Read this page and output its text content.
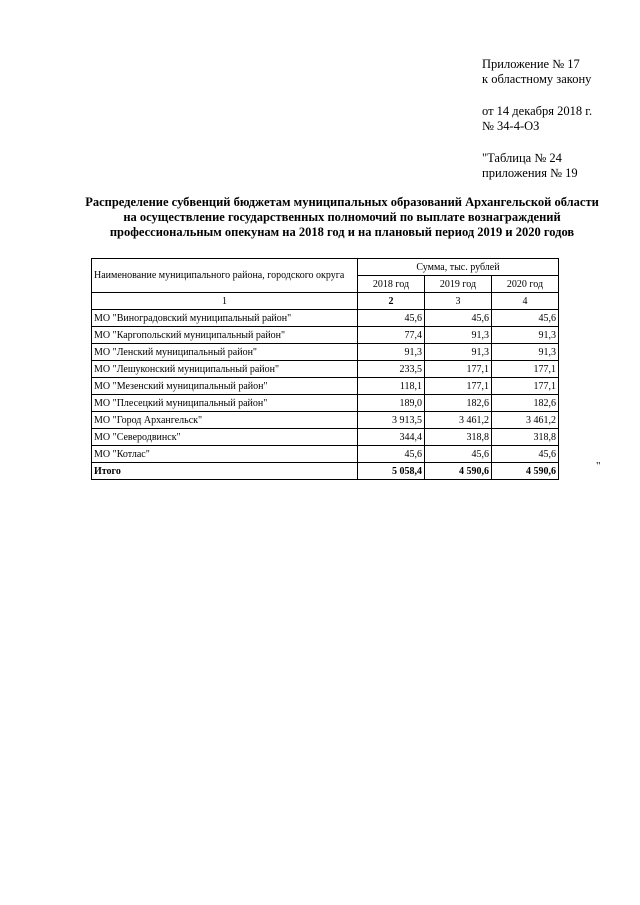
Приложение № 17
к областному закону
от 14 декабря 2018 г.
№ 34-4-ОЗ
"Таблица № 24
приложения № 19
Распределение субвенций бюджетам муниципальных образований Архангельской области на осуществление государственных полномочий по выплате вознаграждений профессиональным опекунам на 2018 год и на плановый период 2019 и 2020 годов
Наименование муниципального района, городского округа	Сумма, тыс. рублей		
	2018 год	2019 год	2020 год
1	2	3	4
МО "Виноградовский муниципальный район"	45,6	45,6	45,6
МО "Каргопольский муниципальный район"	77,4	91,3	91,3
МО "Ленский муниципальный район"	91,3	91,3	91,3
МО "Лешуконский муниципальный район"	233,5	177,1	177,1
МО "Мезенский муниципальный район"	118,1	177,1	177,1
МО "Плесецкий муниципальный район"	189,0	182,6	182,6
МО "Город Архангельск"	3 913,5	3 461,2	3 461,2
МО "Северодвинск"	344,4	318,8	318,8
МО "Котлас"	45,6	45,6	45,6
Итого	5 058,4	4 590,6	4 590,6	"
